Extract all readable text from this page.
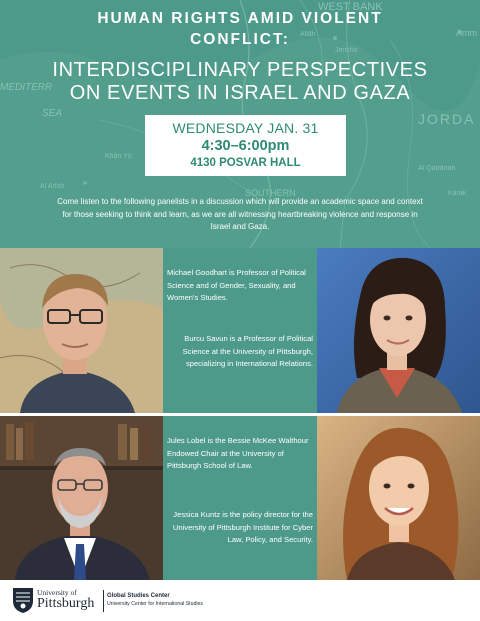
WEST BANK
Allāh
Jericho
Amm
MEDITERR
SEA	JORDA
Khān Yū
Al Arīsh
Al Qaṭrānah
Karak
SOUTHERN
HUMAN RIGHTS AMID VIOLENT
CONFLICT:
INTERDISCIPLINARY PERSPECTIVES
ON EVENTS IN ISRAEL AND GAZA
WEDNESDAY JAN. 31
4:30–6:00pm
4130 POSVAR HALL
Come listen to the following panelists in a discussion which will provide an academic space and context for those seeking to think and learn, as we are all witnessing heartbreaking violence and response in Israel and Gaza.
Michael Goodhart is Professor of Political Science and of Gender, Sexuality, and Women's Studies.
Burcu Savun is a Professor of Political Science at the University of Pittsburgh, specializing in International Relations.
Jules Lobel is the Bessie McKee Walthour Endowed Chair at the University of Pittsburgh School of Law.
Jessica Kuntz is the policy director for the University of Pittsburgh Institute for Cyber Law, Policy, and Security.
University of
Pittsburgh Global Studies Center
University Center for International Studies
